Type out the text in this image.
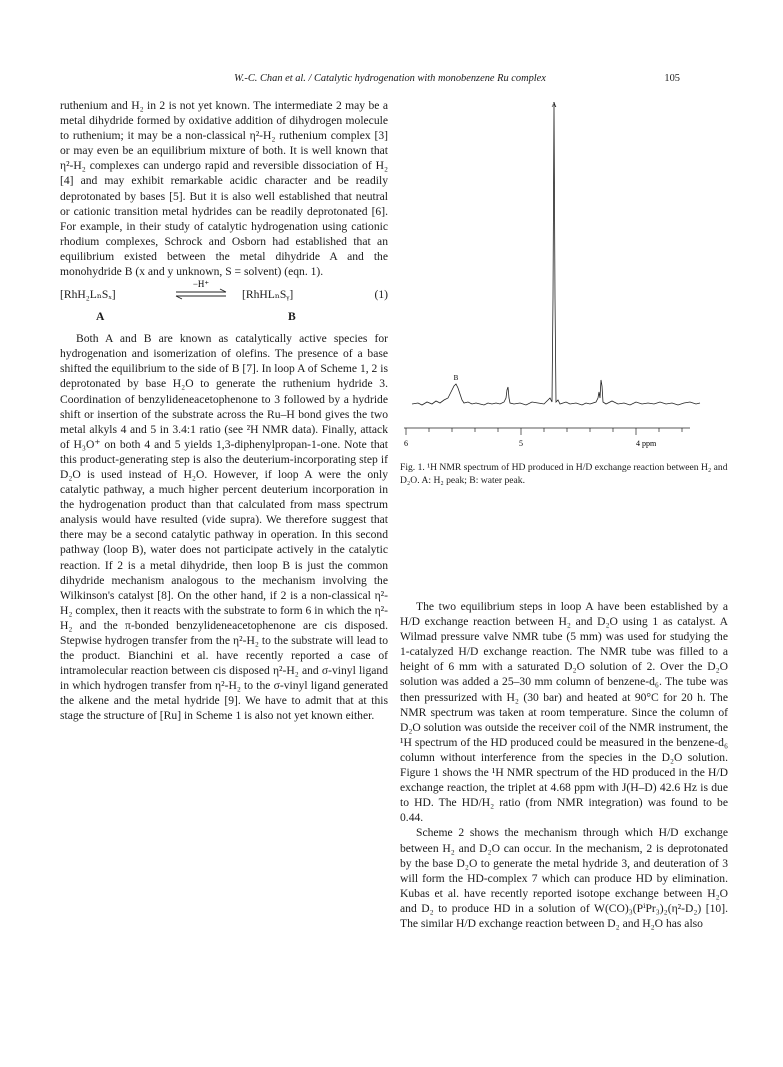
W.-C. Chan et al. / Catalytic hydrogenation with monobenzene Ru complex	105

ruthenium and H₂ in 2 is not yet known. The intermediate 2 may be a metal dihydride formed by oxidative addition of dihydrogen molecule to ruthenium; it may be a non-classical η²-H₂ ruthenium complex [3] or may even be an equilibrium mixture of both. It is well known that η²-H₂ complexes can undergo rapid and reversible dissociation of H₂ [4] and may exhibit remarkable acidic character and be readily deprotonated by bases [5]. But it is also well established that neutral or cationic transition metal hydrides can be readily deprotonated [6]. For example, in their study of catalytic hydrogenation using cationic rhodium complexes, Schrock and Osborn had established that an equilibrium existed between the metal dihydride A and the monohydride B (x and y unknown, S = solvent) (eqn. 1).

[RhH₂LₙSₓ]
−H⁺
[RhHLₙSᵧ]	(1)
A	B

Both A and B are known as catalytically active species for hydrogenation and isomerization of olefins. The presence of a base shifted the equilibrium to the side of B [7]. In loop A of Scheme 1, 2 is deprotonated by base H₂O to generate the ruthenium hydride 3. Coordination of benzylideneacetophenone to 3 followed by a hydride shift or insertion of the substrate across the Ru–H bond gives the two metal alkyls 4 and 5 in 3.4:1 ratio (see ²H NMR data). Finally, attack of H₃O⁺ on both 4 and 5 yields 1,3-diphenylpropan-1-one. Note that this product-generating step is also the deuterium-incorporating step if D₂O is used instead of H₂O. However, if loop A were the only catalytic pathway, a much higher percent deuterium incorporation in the hydrogenation product than that calculated from mass spectrum analysis would have resulted (vide supra). We therefore suggest that there may be a second catalytic pathway in operation. In this second pathway (loop B), water does not participate actively in the catalytic reaction. If 2 is a metal dihydride, then loop B is just the common dihydride mechanism analogous to the mechanism involving the Wilkinson's catalyst [8]. On the other hand, if 2 is a non-classical η²-H₂ complex, then it reacts with the substrate to form 6 in which the η²-H₂ and the π-bonded benzylideneacetophenone are cis disposed. Stepwise hydrogen transfer from the η²-H₂ to the substrate will lead to the product. Bianchini et al. have recently reported a case of intramolecular reaction between cis disposed η²-H₂ and σ-vinyl ligand in which hydrogen transfer from η²-H₂ to the σ-vinyl ligand generated the alkene and the metal hydride [9]. We have to admit that at this stage the structure of [Ru] in Scheme 1 is also not yet known either.

A
B
6	5	4 ppm
Fig. 1. ¹H NMR spectrum of HD produced in H/D exchange reaction between H₂ and D₂O. A: H₂ peak; B: water peak.

The two equilibrium steps in loop A have been established by a H/D exchange reaction between H₂ and D₂O using 1 as catalyst. A Wilmad pressure valve NMR tube (5 mm) was used for studying the 1-catalyzed H/D exchange reaction. The NMR tube was filled to a height of 6 mm with a saturated D₂O solution of 2. Over the D₂O solution was added a 25–30 mm column of benzene-d₆. The tube was then pressurized with H₂ (30 bar) and heated at 90°C for 20 h. The NMR spectrum was taken at room temperature. Since the column of D₂O solution was outside the receiver coil of the NMR instrument, the ¹H spectrum of the HD produced could be measured in the benzene-d₆ column without interference from the species in the D₂O solution. Figure 1 shows the ¹H NMR spectrum of the HD produced in the H/D exchange reaction, the triplet at 4.68 ppm with J(H–D) 42.6 Hz is due to HD. The HD/H₂ ratio (from NMR integration) was found to be 0.44.

Scheme 2 shows the mechanism through which H/D exchange between H₂ and D₂O can occur. In the mechanism, 2 is deprotonated by the base D₂O to generate the metal hydride 3, and deuteration of 3 will form the HD-complex 7 which can produce HD by elimination. Kubas et al. have recently reported isotope exchange between H₂O and D₂ to produce HD in a solution of W(CO)₃(PⁱPr₃)₂(η²-D₂) [10]. The similar H/D exchange reaction between D₂ and H₂O has also
